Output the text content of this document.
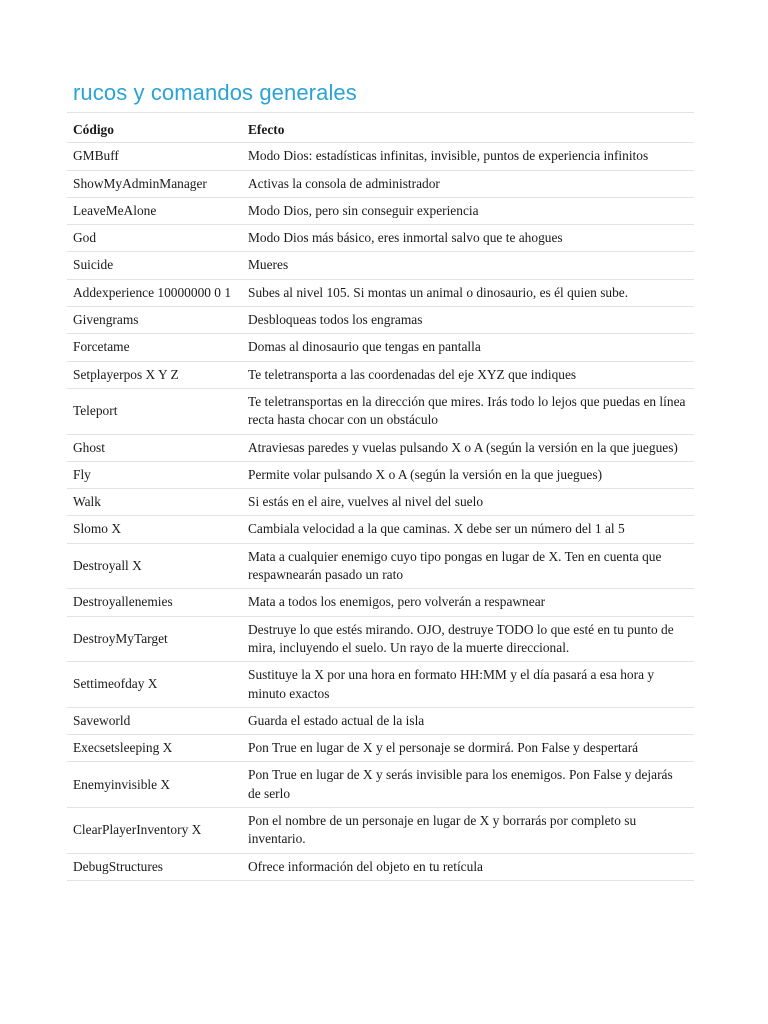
rucos y comandos generales
Código	Efecto
GMBuff	Modo Dios: estadísticas infinitas, invisible, puntos de experiencia infinitos
ShowMyAdminManager	Activas la consola de administrador
LeaveMeAlone	Modo Dios, pero sin conseguir experiencia
God	Modo Dios más básico, eres inmortal salvo que te ahogues
Suicide	Mueres
Addexperience 10000000 0 1	Subes al nivel 105. Si montas un animal o dinosaurio, es él quien sube.
Givengrams	Desbloqueas todos los engramas
Forcetame	Domas al dinosaurio que tengas en pantalla
Setplayerpos X Y Z	Te teletransporta a las coordenadas del eje XYZ que indiques
Teleport	Te teletransportas en la dirección que mires. Irás todo lo lejos que puedas en línea recta hasta chocar con un obstáculo
Ghost	Atraviesas paredes y vuelas pulsando X o A (según la versión en la que juegues)
Fly	Permite volar pulsando X o A (según la versión en la que juegues)
Walk	Si estás en el aire, vuelves al nivel del suelo
Slomo X	Cambiala velocidad a la que caminas. X debe ser un número del 1 al 5
Destroyall X	Mata a cualquier enemigo cuyo tipo pongas en lugar de X. Ten en cuenta que respawnearán pasado un rato
Destroyallenemies	Mata a todos los enemigos, pero volverán a respawnear
DestroyMyTarget	Destruye lo que estés mirando. OJO, destruye TODO lo que esté en tu punto de mira, incluyendo el suelo. Un rayo de la muerte direccional.
Settimeofday X	Sustituye la X por una hora en formato HH:MM y el día pasará a esa hora y minuto exactos
Saveworld	Guarda el estado actual de la isla
Execsetsleeping X	Pon True en lugar de X y el personaje se dormirá. Pon False y despertará
Enemyinvisible X	Pon True en lugar de X y serás invisible para los enemigos. Pon False y dejarás de serlo
ClearPlayerInventory X	Pon el nombre de un personaje en lugar de X y borrarás por completo su inventario.
DebugStructures	Ofrece información del objeto en tu retícula
